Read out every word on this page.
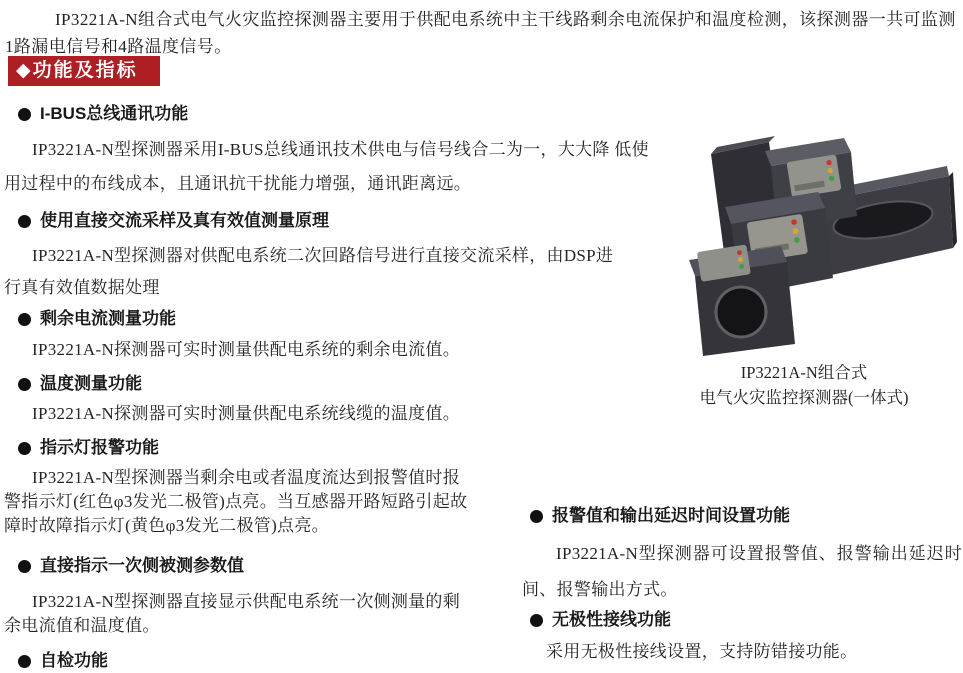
IP3221A-N组合式电气火灾监控探测器主要用于供配电系统中主干线路剩余电流保护和温度检测，该探测器一共可监测1路漏电信号和4路温度信号。

◆功能及指标
I-BUS总线通讯功能

IP3221A-N型探测器采用I-BUS总线通讯技术供电与信号线合二为一，大大降 低使用过程中的布线成本，且通讯抗干扰能力增强，通讯距离远。

使用直接交流采样及真有效值测量原理

IP3221A-N型探测器对供配电系统二次回路信号进行直接交流采样，由DSP进行真有效值数据处理

剩余电流测量功能

IP3221A-N探测器可实时测量供配电系统的剩余电流值。

温度测量功能

IP3221A-N探测器可实时测量供配电系统线缆的温度值。

指示灯报警功能

IP3221A-N型探测器当剩余电或者温度流达到报警值时报警指示灯(红色φ3发光二极管)点亮。当互感器开路短路引起故障时故障指示灯(黄色φ3发光二极管)点亮。

直接指示一次侧被测参数值

IP3221A-N型探测器直接显示供配电系统一次侧测量的剩余电流值和温度值。

自检功能
报警值和输出延迟时间设置功能

IP3221A-N型探测器可设置报警值、报警输出延迟时间、报警输出方式。

无极性接线功能

采用无极性接线设置，支持防错接功能。

IP3221A-N组合式
电气火灾监控探测器(一体式)
